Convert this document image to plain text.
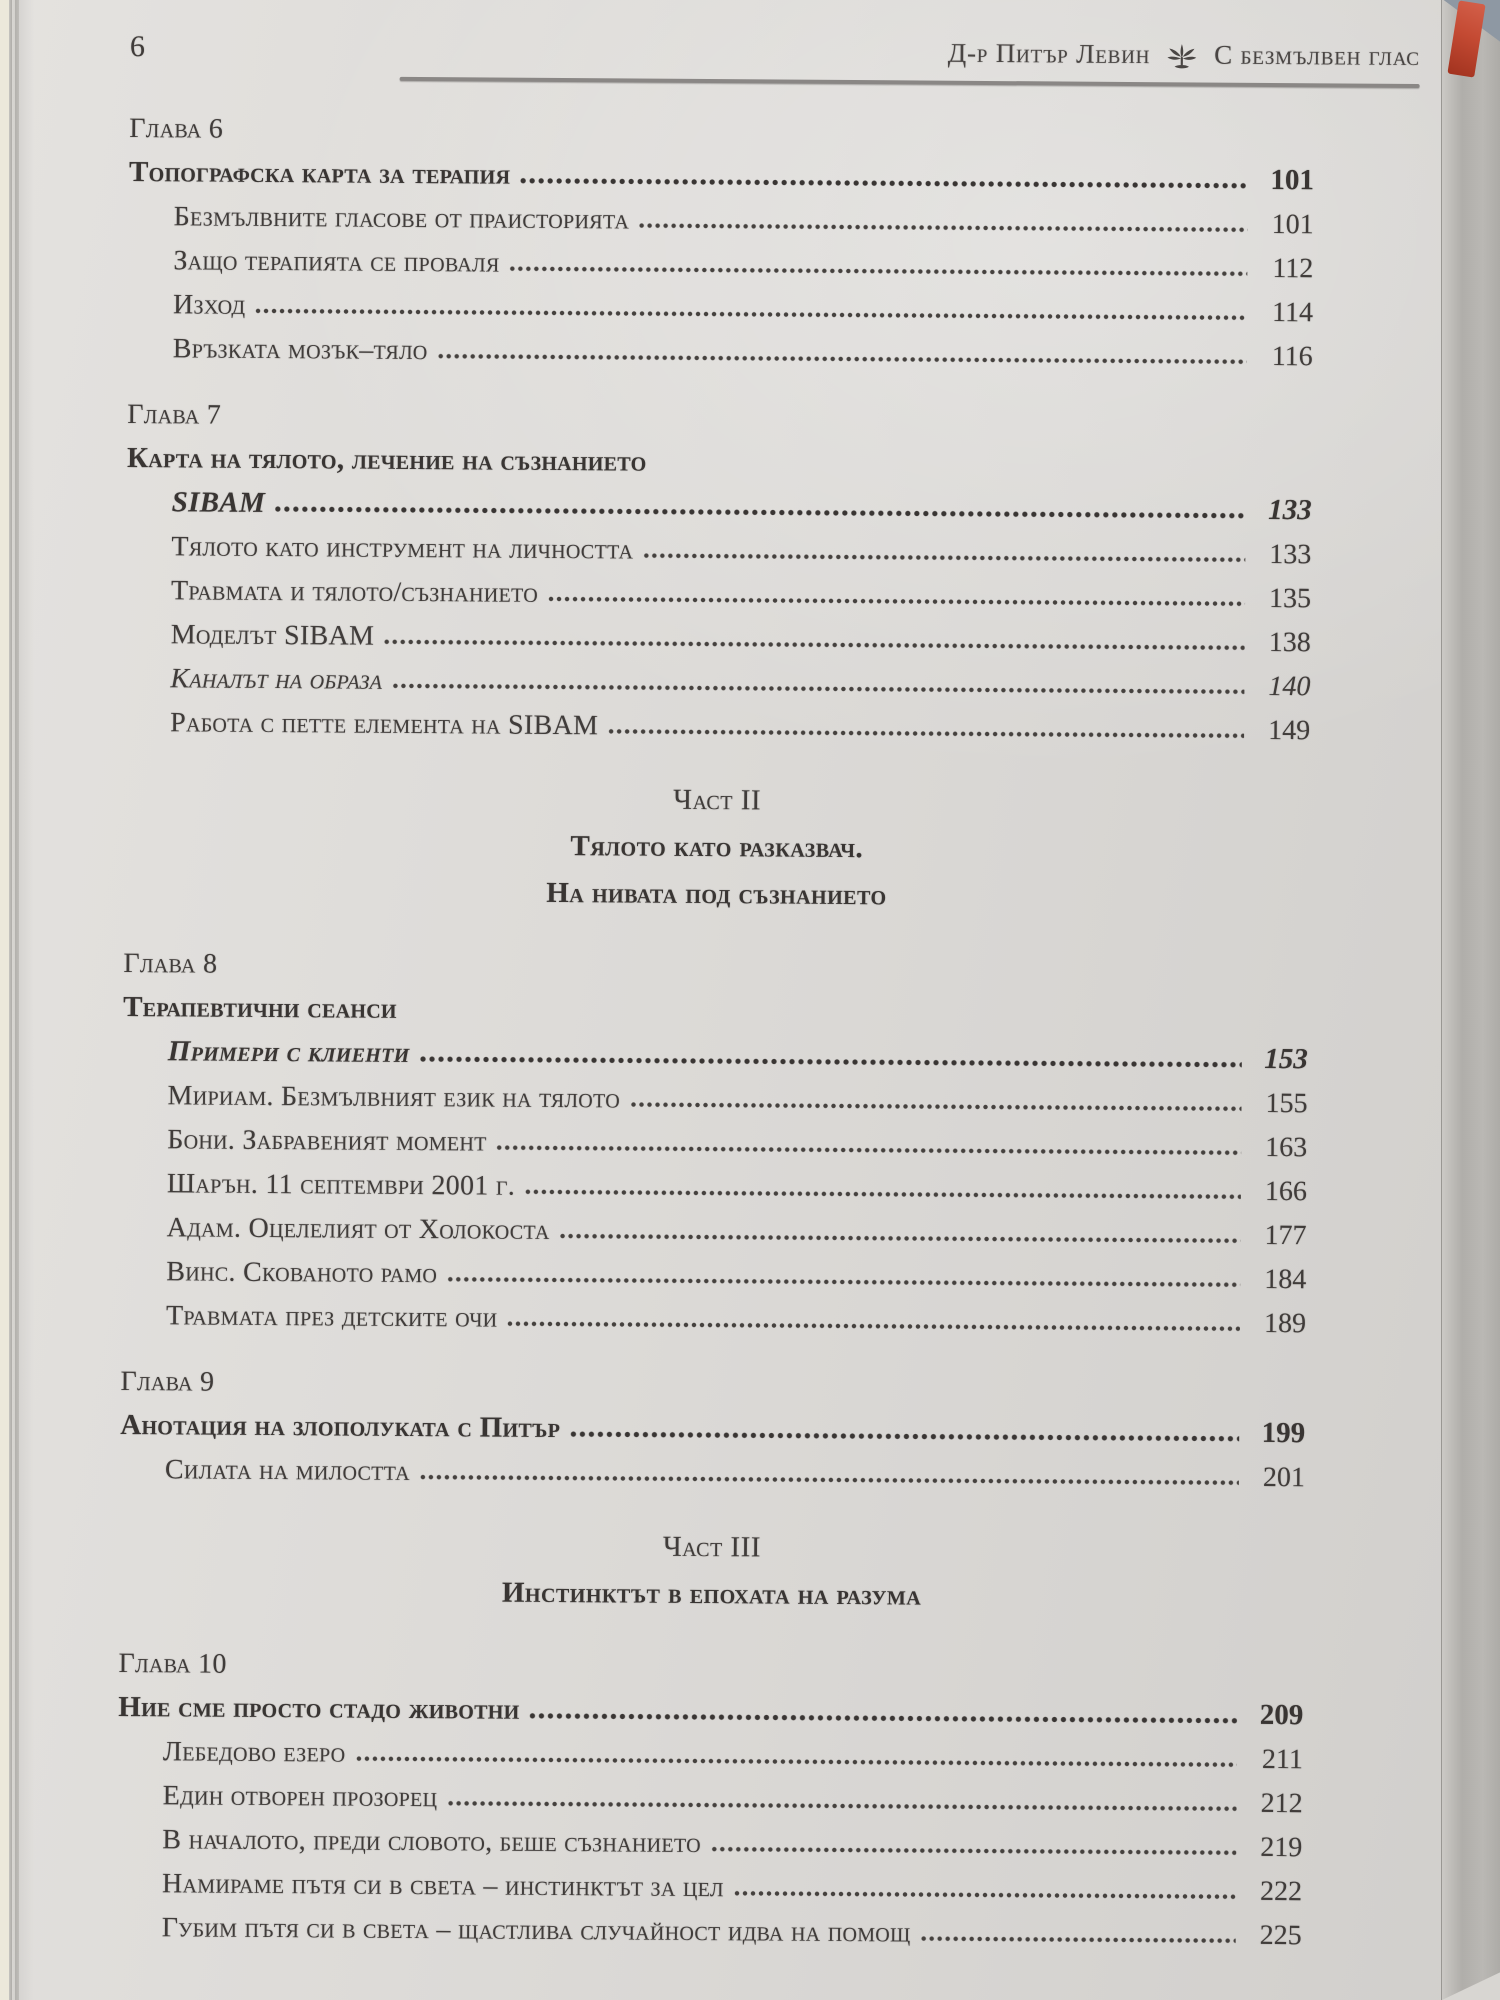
6	Д-р Питър Левин С безмълвен глас
Глава 6
Топографска карта за терапия	101
Безмълвните гласове от праисторията	101
Защо терапията се проваля	112
Изход	114
Връзката мозък–тяло	116
Глава 7
Карта на тялото, лечение на съзнанието
SIBAM	133
Тялото като инструмент на личността	133
Травмата и тялото/съзнанието	135
Моделът SIBAM	138
Каналът на образа	140
Работа с петте елемента на SIBAM	149
Част II
Тялото като разказвач.
На нивата под съзнанието
Глава 8
Терапевтични сеанси
Примери с клиенти	153
Мириам. Безмълвният език на тялото	155
Бони. Забравеният момент	163
Шарън. 11 септември 2001 г.	166
Адам. Оцелелият от Холокоста	177
Винс. Скованото рамо	184
Травмата през детските очи	189
Глава 9
Анотация на злополуката с Питър	199
Силата на милостта	201
Част III
Инстинктът в епохата на разума
Глава 10
Ние сме просто стадо животни	209
Лебедово езеро	211
Един отворен прозорец	212
В началото, преди словото, беше съзнанието	219
Намираме пътя си в света – инстинктът за цел	222
Губим пътя си в света – щастлива случайност идва на помощ	225
